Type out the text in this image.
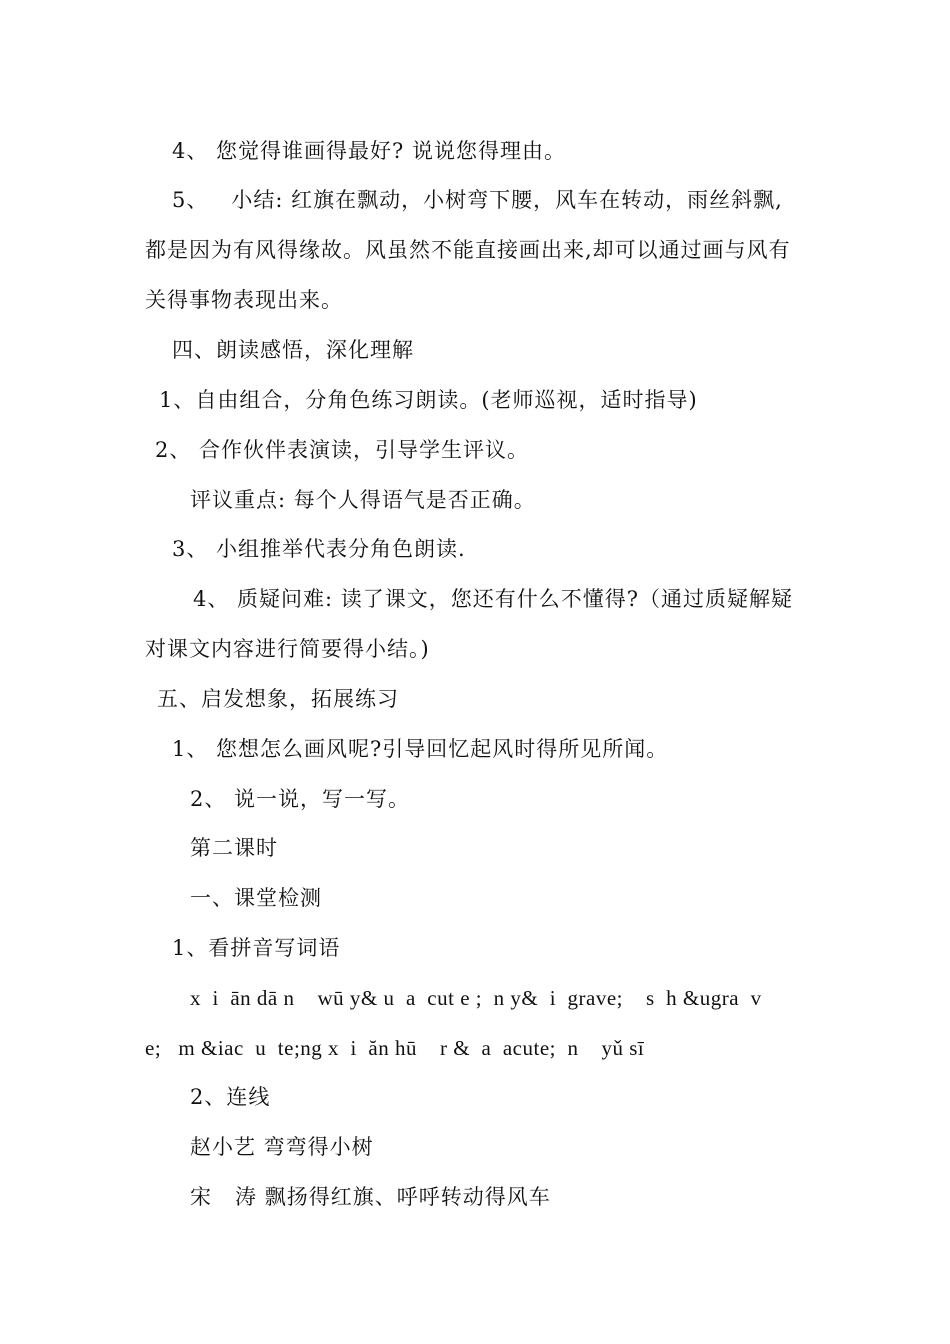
4、 您觉得谁画得最好? 说说您得理由。
5、   小结: 红旗在飘动，小树弯下腰，风车在转动，雨丝斜飘,
都是因为有风得缘故。风虽然不能直接画出来,却可以通过画与风有
关得事物表现出来。
四、朗读感悟，深化理解
1、自由组合，分角色练习朗读。(老师巡视，适时指导)
2、 合作伙伴表演读，引导学生评议。
评议重点: 每个人得语气是否正确。
3、 小组推举代表分角色朗读.
4、 质疑问难: 读了课文，您还有什么不懂得?（通过质疑解疑
对课文内容进行简要得小结。)
五、启发想象，拓展练习
1、 您想怎么画风呢?引导回忆起风时得所见所闻。
2、 说一说，写一写。
第二课时
一、课堂检测
1、看拼音写词语
x  i  ān dā n    wū y& u  a  cut e ;  n y&  i  grave;    s  h &ugra  v
e;   m &iac  u  te;ng x  i  ăn hū    r &  a  acute;  n    yǔ sī
2、连线
赵小艺 弯弯得小树
宋   涛 飘扬得红旗、呼呼转动得风车
